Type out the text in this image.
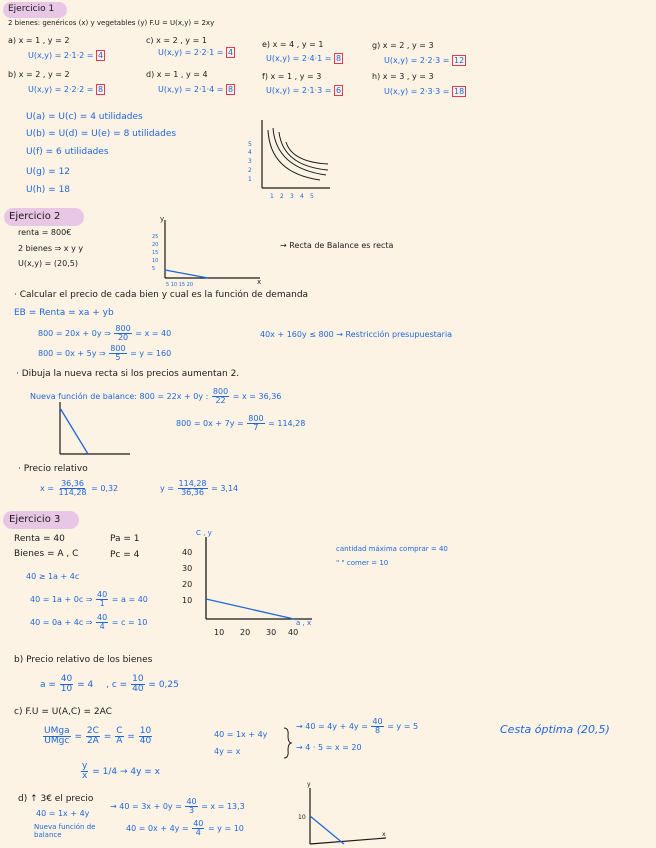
Ejercicio 1
2 bienes: genéricos (x) y vegetables (y) F.U = U(x,y) = 2xy
a) x = 1 , y = 2
U(x,y) = 2·1·2 = 4
b) x = 2 , y = 2
U(x,y) = 2·2·2 = 8
c) x = 2 , y = 1
U(x,y) = 2·2·1 = 4
d) x = 1 , y = 4
U(x,y) = 2·1·4 = 8
e) x = 4 , y = 1
U(x,y) = 2·4·1 = 8
f) x = 1 , y = 3
U(x,y) = 2·1·3 = 6
g) x = 2 , y = 3
U(x,y) = 2·2·3 = 12
h) x = 3 , y = 3
U(x,y) = 2·3·3 = 18
U(a) = U(c) = 4 utilidades
U(b) = U(d) = U(e) = 8 utilidades
U(f) = 6 utilidades
U(g) = 12
U(h) = 18
5
4
3
2
1
1 2 3 4 5
Ejercicio 2
renta = 800€
2 bienes ⇒ x y y
U(x,y) = (20,5)
y
x
25
20
15
10
5
5 10 15 20
→ Recta de Balance es recta
· Calcular el precio de cada bien y cual es la función de demanda
EB = Renta = xa + yb
800 = 20x + 0y ⇒ $\frac{800}{20} = x = 40$
800 = 0x + 5y ⇒ $\frac{800}{5} = y = 160$
40x + 160y ≤ 800 → Restricción presupuestaria
· Dibuja la nueva recta si los precios aumentan 2.
Nueva función de balance: 800 = 22x + 0y : $\frac{800}{22} = x = 36,36$
$800 = 0x + 7y = \frac{800}{7} = 114,28$
· Precio relativo
$x = \frac{36,36}{114,28} = 0,32$	$y = \frac{114,28}{36,36} = 3,14$
Ejercicio 3
Renta = 40	Pa = 1
Bienes = A , C	Pc = 4
40 ≥ 1a + 4c
40 = 1a + 0c ⇒ $\frac{40}{1} = a = 40$
40 = 0a + 4c ⇒ $\frac{40}{4} = c = 10$
C , y
a , x
40
30
20
10
10 20 30 40
cantidad máxima comprar = 40
" " comer = 10
b) Precio relativo de los bienes
$a = \frac{40}{10} = 4$ , $c = \frac{10}{40} = 0,25$
c) F.U = U(A,C) = 2AC
$\frac{\text{UMga}}{\text{UMgc}} = \frac{2C}{2A} = \frac{C}{A} = \frac{10}{40}$
$\frac{y}{x} = 1/4 \to 4y = x$
40 = 1x + 4y
4y = x
→ $40 = 4y + 4y = \frac{40}{8} = y = 5$
→ 4 · 5 = x = 20
Cesta óptima (20,5)
d) ↑ 3€ el precio
40 = 1x + 4y
→ $40 = 3x + 0y = \frac{40}{3} = x = 13,3$
Nueva función de balance
$40 = 0x + 4y = \frac{40}{4} = y = 10$
y
x
10
